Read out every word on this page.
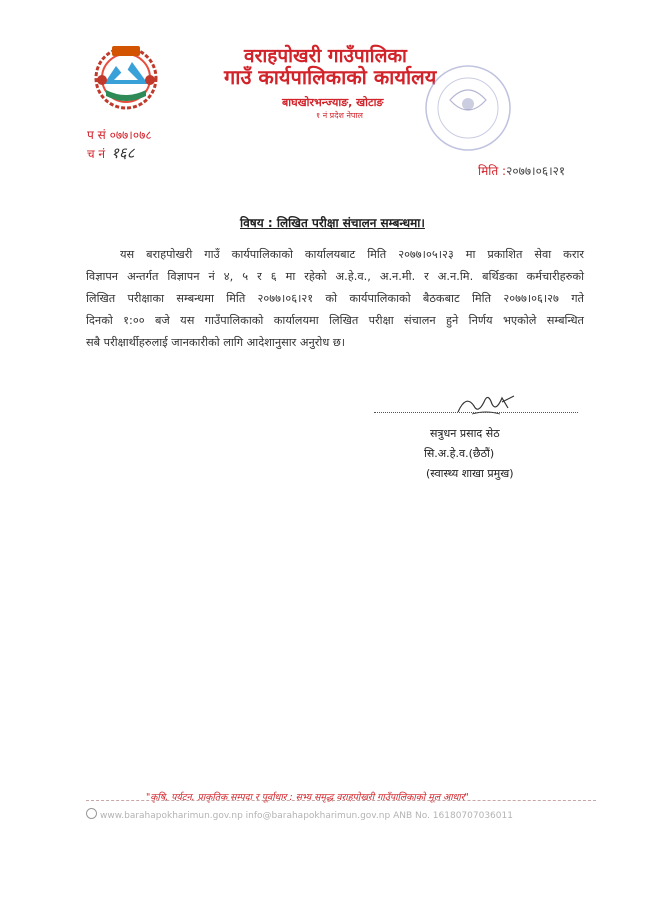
वराहपोखरी गाउँपालिका
गाउँ कार्यपालिकाको कार्यालय
बाघखोरभन्ज्याङ, खोटाङ
१ नं प्रदेश नेपाल
प सं ०७७।०७८
च नं १६८
मिति :२०७७।०६।२१
विषय : लिखित परीक्षा संचालन सम्बन्धमा।
यस बराहपोखरी गाउँ कार्यपालिकाको कार्यालयबाट मिति २०७७।०५।२३ मा प्रकाशित सेवा करार
विज्ञापन अन्तर्गत विज्ञापन नं ४, ५ र ६ मा रहेको अ.हे.व., अ.न.मी. र अ.न.मि. बर्थिङका कर्मचारीहरुको
लिखित परीक्षाका सम्बन्धमा मिति २०७७।०६।२१ को कार्यपालिकाको बैठकबाट मिति २०७७।०६।२७ गते
दिनको १:०० बजे यस गाउँपालिकाको कार्यालयमा लिखित परीक्षा संचालन हुने निर्णय भएकोले सम्बन्धित
सबै परीक्षार्थीहरुलाई जानकारीको लागि आदेशानुसार अनुरोध छ।
सत्रुधन प्रसाद सेठ
सि.अ.हे.व.(छैठौं)
(स्वास्थ्य शाखा प्रमुख)
"कृषि, पर्यटन, प्राकृतिक सम्पदा र पूर्वाधार : सभ्य समृद्ध वराहपोखरी गाउँपालिकाको मूल आधार"
www.barahapokharimun.gov.np info@barahapokharimun.gov.np ANB No. 16180707036011
